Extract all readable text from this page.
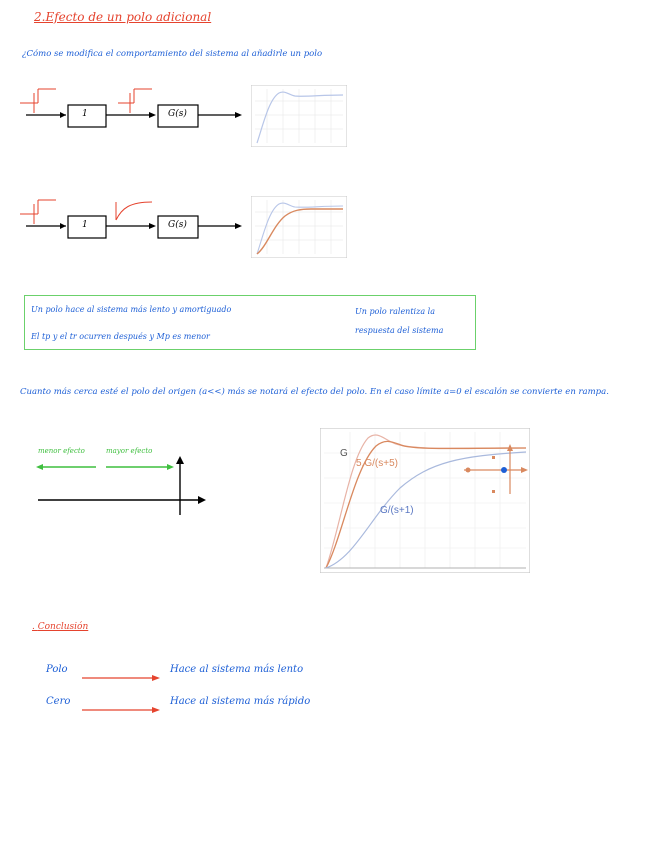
2.Efecto de un polo adicional
¿Cómo se modifica el comportamiento del sistema al añadirle un polo
1	G(s)
1	G(s)
Un polo hace al sistema más lento y amortiguado
El tp y el tr ocurren después y Mp es menor
Un polo ralentiza la
respuesta del sistema
Cuanto más cerca esté el polo del origen (a<<) más se notará el efecto del polo. En el caso límite a=0 el escalón se convierte en rampa.
menor efecto	mayor efecto	G
5.G/(s+5)
G/(s+1)
. Conclusión
Polo	Hace al sistema más lento
Cero	Hace al sistema más rápido
